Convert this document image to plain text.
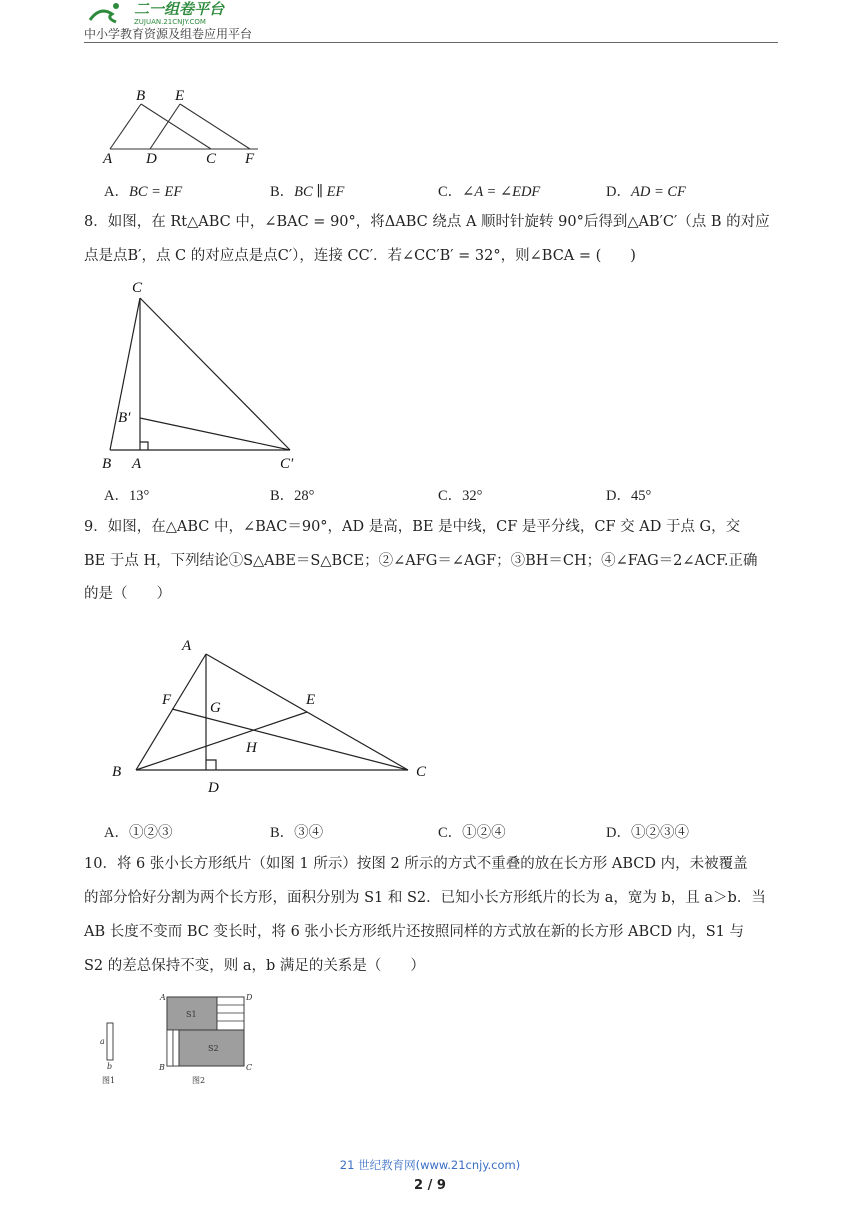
二一组卷平台
ZUJUAN.21CNJY.COM
中小学教育资源及组卷应用平台
B E
A D	C F
A．BC = EF	B．BC ∥ EF	C．∠A = ∠EDF	D．AD = CF
8．如图，在 Rt△ABC 中，∠BAC = 90°，将ΔABC 绕点 A 顺时针旋转 90°后得到△AB′C′（点 B 的对应
点是点B′，点 C 的对应点是点C′），连接 CC′．若∠CC′B′ = 32°，则∠BCA = (　　)
C
B′
B A	C′
A．13°	B．28°	C．32°	D．45°
9．如图，在△ABC 中，∠BAC＝90°，AD 是高，BE 是中线，CF 是平分线，CF 交 AD 于点 G，交
BE 于点 H，下列结论①S△ABE＝S△BCE；②∠AFG＝∠AGF；③BH＝CH；④∠FAG＝2∠ACF.正确
的是（　　）
A
F	G	E
H
B
D
C
A．①②③	B．③④	C．①②④	D．①②③④
10．将 6 张小长方形纸片（如图 1 所示）按图 2 所示的方式不重叠的放在长方形 ABCD 内，未被覆盖
的部分恰好分割为两个长方形，面积分别为 S1 和 S2．已知小长方形纸片的长为 a，宽为 b，且 a＞b．当
AB 长度不变而 BC 变长时，将 6 张小长方形纸片还按照同样的方式放在新的长方形 ABCD 内，S1 与
S2 的差总保持不变，则 a，b 满足的关系是（　　）
a
b
图1
A	D
S1
S2
B	C
图2
21 世纪教育网(www.21cnjy.com)
2 / 9
